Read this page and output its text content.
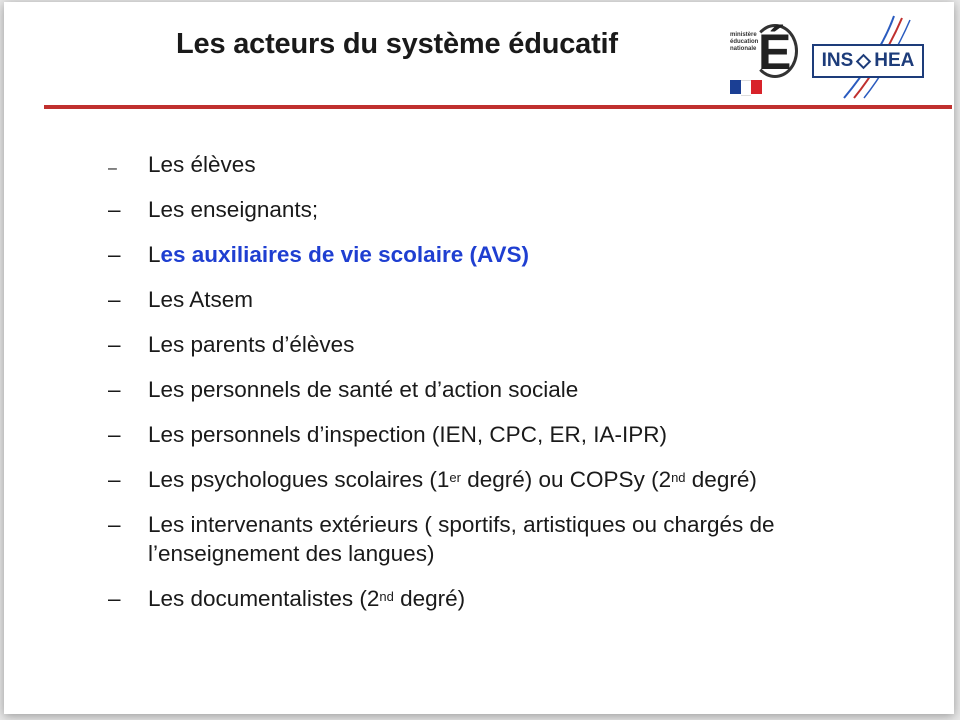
Les acteurs du système éducatif	ministère
éducation
nationale É INS HEA
– Les élèves
– Les enseignants;
– Les auxiliaires de vie scolaire (AVS)
– Les Atsem
– Les parents d’élèves
– Les personnels de santé et d’action sociale
– Les personnels d’inspection (IEN, CPC, ER, IA-IPR)
– Les psychologues scolaires (1er degré) ou COPSy (2nd degré)
– Les intervenants extérieurs ( sportifs, artistiques ou chargés de l’enseignement des langues)
– Les documentalistes (2nd degré)
